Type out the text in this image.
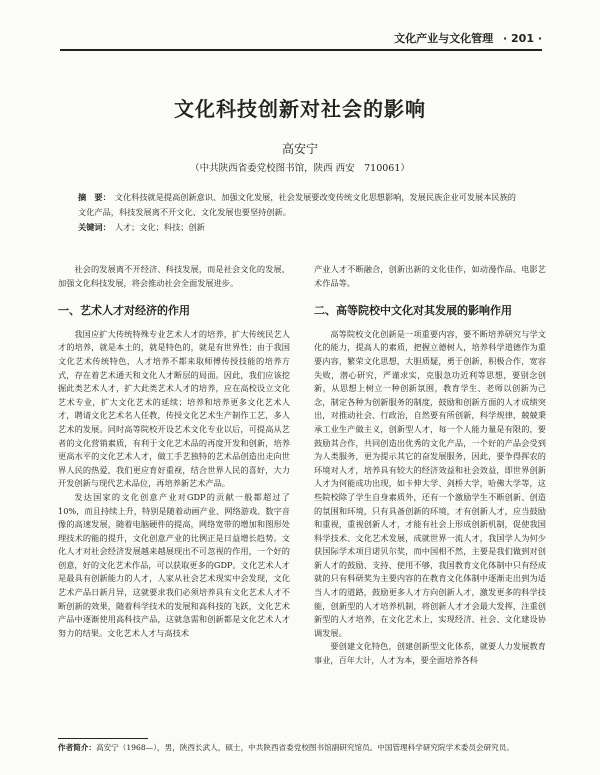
文化产业与文化管理 · 201 ·
文化科技创新对社会的影响
高安宁
（中共陕西省委党校图书馆，陕西 西安　710061）
摘　要： 文化科技就是提高创新意识、加强文化发展，社会发展要改变传统文化思想影响，发展民族企业可发展本民族的文化产品，科技发展离不开文化、文化发展也要坚持创新。
关键词： 人才；文化；科技；创新

社会的发展离不开经济、科技发展，而是社会文化的发展，加强文化科技发展，将会推动社会全面发展进步。

一、艺术人才对经济的作用

我国应扩大传统特殊专业艺术人才的培养，扩大传统民艺人才的培养，就是本土的，就是特色的，就是有世界性；由于我国文化艺术传统特色，人才培养不都来取师傅传授技能的培养方式，存在着艺术通天和文化人才断层的局面。因此，我们应该挖掘此类艺术人才，扩大此类艺术人才的培养，应在高校设立文化艺术专业，扩大文化艺术的延续；培养和培养更多文化艺术人才，聘请文化艺术名人任教，传授文化艺术生产制作工艺，多人艺术的发展。同时高等院校开设艺术文化专业以后，可提高从艺者的文化营销素质，有利于文化艺术品的再度开发和创新，培养更高水平的文化艺术人才，做工手艺独特的艺术品创造出走向世界人民的热爱，我们更应育好重视，结合世界人民的喜好，大力开发创新与现代艺术品位，再培养新艺术产品。

发达国家的文化创意产业对GDP的贡献一般都超过了10%，而且持续上升，特别是随着动画产业、网络游戏、数字音像的高速发展，随着电脑硬件的提高，网络宽带的增加和图形处理技术的能的提升，文化创意产业的比例正是日益增长趋势。文化人才对社会经济发展越来越展现出不可忽视的作用，一个好的创意，好的文化艺术作品，可以获取更多的GDP。文化艺术人才是最具有创新能力的人才，人家从社会艺术现实中会发现，文化艺术产品日新月异，这就要求我们必须培养具有文化艺术人才不断创新的效果，随着科学技术的发展和高科技的飞跃，文化艺术产品中逐渐使用高科技产品，这就急需和创新都是文化艺术人才努力的结果。文化艺术人才与高技术

产业人才不断融合，创新出新的文化佳作，如动漫作品、电影艺术作品等。

二、高等院校中文化对其发展的影响作用

高等院校文化创新是一项重要内容，要不断培养研究与学文化的能力，提高人的素质，把握立德树人，培养科学道德作为重要内容，繁荣文化思想，大胆质疑，勇于创新，积极合作，宽容失败，潜心研究，严谨求实，克服急功近利等思想，要别念创新，从思想上树立一种创新氛围，教育学生、老师以创新为己念，制定各种为创新服务的制度，鼓励和创新方面的人才成绩突出，对推动社会、行政治，自然要有所创新，科学规律，兢兢秉承工业生产做主义，创新型人才，每一个人能力量是有限的，要鼓励其合作，共同创造出优秀的文化产品，一个好的产品会受到为人类服务，更为提示其它的奋发展服务，因此，要争得挥农的环境对人才，培养具有较大的经济效益和社会效益，即世界创新人才为何能成功出现，如卡伸大学、剑桥大学，哈佛大学等，这些院校除了学生自身素质外，还有一个激励学生不断创新、创造的氛围和环境，只有具备创新的环境，才有创新人才，应当鼓励和重视，重视创新人才，才能有社会上形成创新机制，促使我国科学技术、文化艺术发展，成就世界一流人才，我国学人为何少获国际学术项目诺贝尔奖，而中国相不然，主要是我们做到对创新人才的鼓励、支持、使用不够，我国教育文化体制中只有经成就的只有科研奖为主要内容的在教育文化体制中逐渐走出到为适当人才的道路，鼓励更多人才方向创新人才，激发更多的科学技能，创新型的人才培养机制，将创新人才才会最大发挥，注重创新型的人才培养，在文化艺术上，实现经济、社会、文化建设协调发展。

要创建文化特色，创建创新型文化体系，就要人力发展教育事业，百年大计，人才为本，要全面培养各科

作者简介：高安宁（1968—），男，陕西长武人，硕士，中共陕西省委党校图书馆副研究馆员。中国管理科学研究院学术委员会研究员。
